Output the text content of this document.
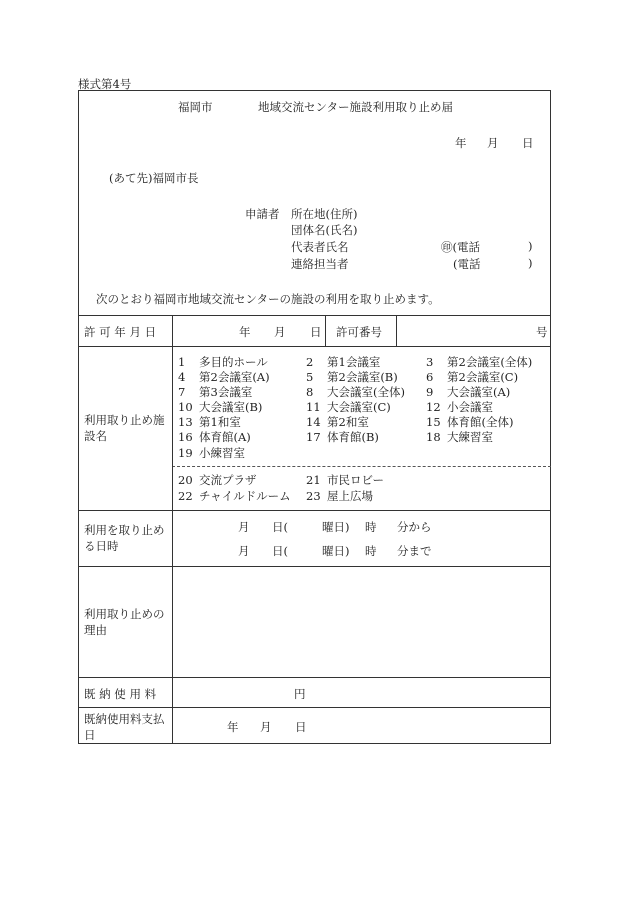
様式第4号
福岡市	地域交流センター施設利用取り止め届
年 月 日
(あて先)福岡市長
申請者 所在地(住所)
団体名(氏名)
代表者氏名	㊞(電話	)
連絡担当者	(電話	)
次のとおり福岡市地域交流センターの施設の利用を取り止めます。
許 可 年 月 日	年 月 日 許可番号	号
利用取り止め施設名
1 多目的ホール	2 第1会議室	3 第2会議室(全体)
4 第2会議室(A)	5 第2会議室(B) 6 第2会議室(C)
7 第3会議室	8 大会議室(全体) 9 大会議室(A)
10 大会議室(B)	11 大会議室(C)	12 小会議室
13 第1和室	14 第2和室	15 体育館(全体)
16 体育館(A)	17 体育館(B)	18 大練習室
19 小練習室
20 交流プラザ	21 市民ロビー
22 チャイルドルーム 23 屋上広場
利用を取り止める日時
月 日(	曜日) 時 分から
月 日(	曜日) 時 分まで
利用取り止めの理由
既 納 使 用 料	円
既納使用料支払日
年 月 日
